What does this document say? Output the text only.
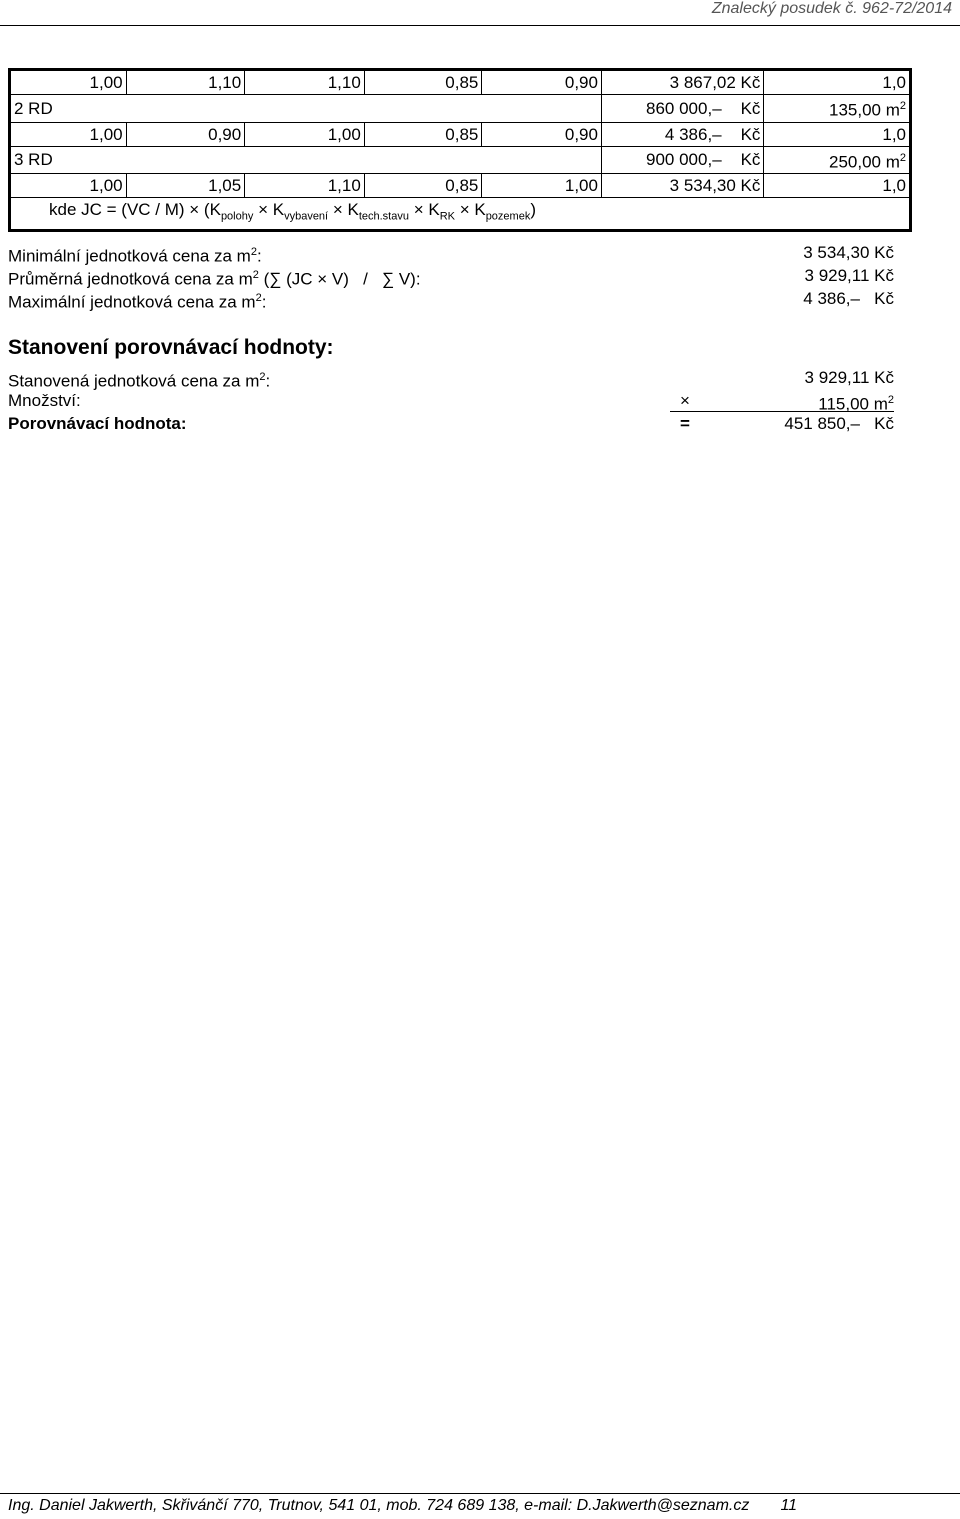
Znalecký posudek č. 962-72/2014
1,00	1,10	1,10	0,85	0,90	3 867,02 Kč	1,0
2 RD					860 000,– Kč	135,00 $m^2$
1,00	0,90	1,00	0,85	0,90	4 386,– Kč	1,0
3 RD					900 000,– Kč	250,00 $m^2$
1,00	1,05	1,10	0,85	1,00	3 534,30 Kč	1,0
kde JC = $(VC / M) \times (K_{polohy} \times K_{vybavení} \times K_{tech.stavu} \times K_{RK} \times K_{pozemek})$						
Minimální jednotková cena za $m^2$:	3 534,30 Kč
Průměrná jednotková cena za $m^2$ (∑ (JC × V)   /   ∑ V):	3 929,11 Kč
Maximální jednotková cena za $m^2$:	4 386,–   Kč
Stanovení porovnávací hodnoty:
Stanovená jednotková cena za $m^2$:	3 929,11 Kč
Množství:	×	115,00 $m^2$
Porovnávací hodnota:	=	451 850,–   Kč
Ing. Daniel Jakwerth, Skřivánčí 770, Trutnov, 541 01, mob. 724 689 138, e-mail: D.Jakwerth@seznam.cz       11
